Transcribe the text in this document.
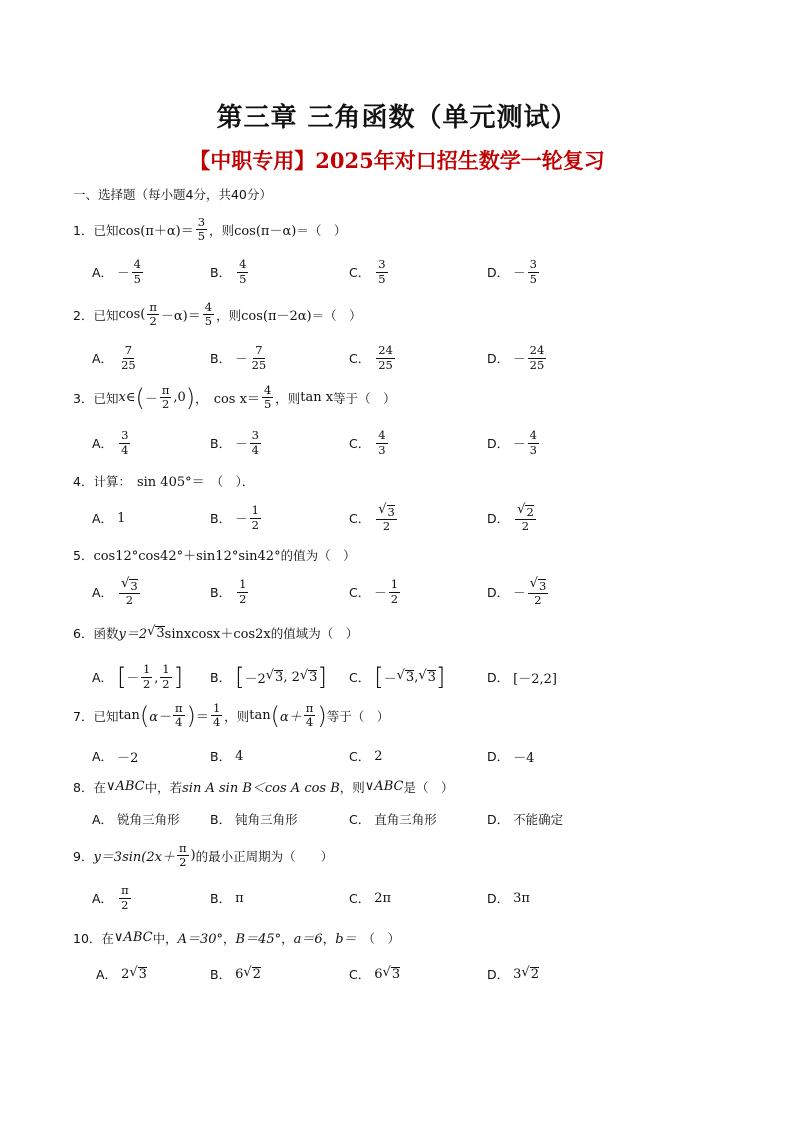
第三章 三角函数（单元测试）
【中职专用】2025年对口招生数学一轮复习
一、选择题（每小题4分，共40分）
1． 已知 $\cos(\pi+\alpha)= \frac{3}{5}$ ，则 cos(π－α) ＝（　）
A． － $\frac{4}{5}$	B． $\frac{4}{5}$	C． $\frac{3}{5}$	D． － $\frac{3}{5}$
2． 已知 $\cos( \frac{\pi}{2} -\alpha)= \frac{4}{5}$ ，则 cos(π－2α) ＝（　）
A． $\frac{7}{25}$	B． － $\frac{7}{25}$	C． $\frac{24}{25}$	D． － $\frac{24}{25}$
3． 已知 x∈ ( － $\frac{\pi}{2} ,0$ ) ， $\cos x= \frac{4}{5}$ ，则 tan x 等于（　）
A． $\frac{3}{4}$	B． － $\frac{3}{4}$	C． $\frac{4}{3}$	D． － $\frac{4}{3}$
4． 计算： sin 405°＝ （　）．
A． 1	B． － $\frac{1}{2}$	C． $\frac{√ 3}{2}$	D． $\frac{√ 2}{2}$
5． cos12°cos42°＋sin12°sin42° 的值为（　）
A． $\frac{√ 3}{2}$	B． $\frac{1}{2}$	C． － $\frac{1}{2}$	D． － $\frac{√ 3}{2}$
6． 函数 y＝2 √ 3 sinxcosx＋cos2x 的值域为（　）
A． [ － $\frac{1}{2}$ , $\frac{1}{2}$ ] B． [ －2 √ 3 , 2 √ 3 ] C． [ － √ 3 , √ 3 ]	D． [－2,2]
7． 已知 tan ( $\alpha- \frac{\pi}{4}$ ) ＝ $\frac{1}{4}$ ，则 tan ( $\alpha+ \frac{\pi}{4}$ ) 等于（　）
A． －2	B． 4	C． 2	D． －4
8． 在 ∨ABC 中，若 sin A sin B＜cos A cos B ，则 ∨ABC 是（　）
A． 锐角三角形 B． 钝角三角形	C． 直角三角形	D． 不能确定
9． $y=3\sin(2x+ \frac{\pi}{2}$ ) 的最小正周期为（　　）
A． $\frac{\pi}{2}$	B． π	C． 2π	D． 3π
10． 在 ∨ABC 中， A＝30° ， B＝45° ， a＝6 ， b＝ （　）
A． 2 √ 3	B． 6 √ 2	C． 6 √ 3	D． 3 √ 2
